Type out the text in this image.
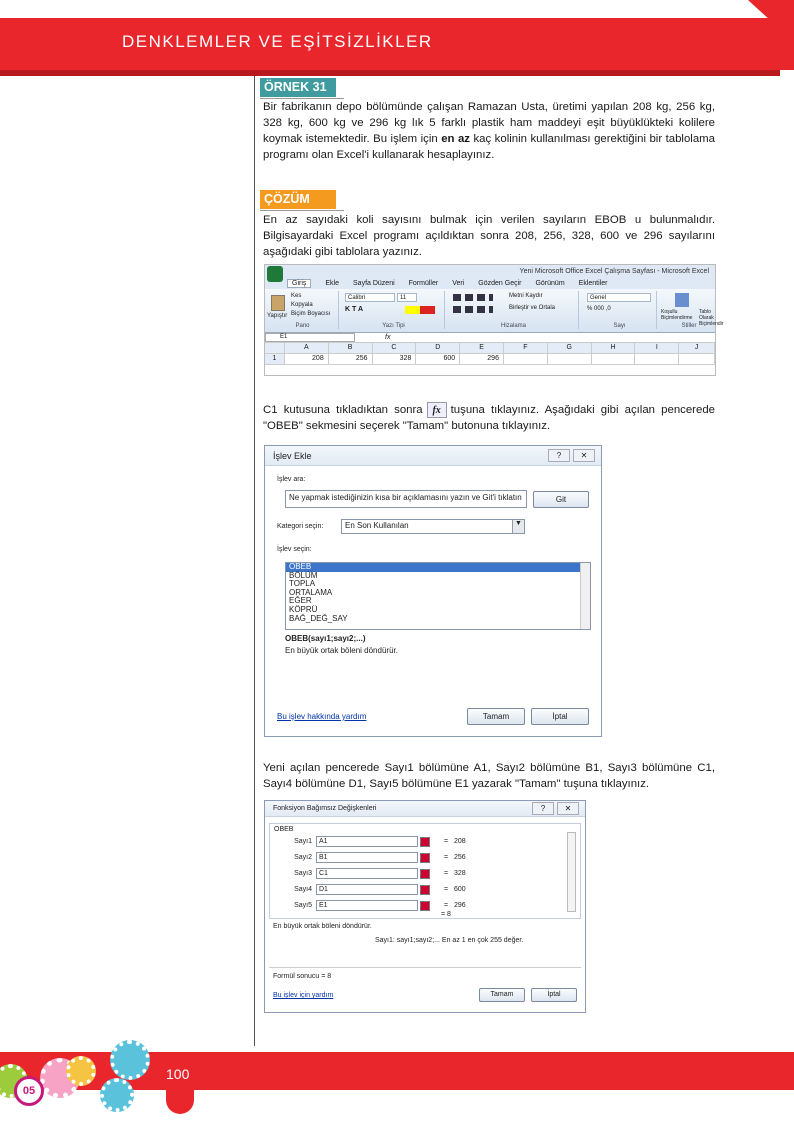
DENKLEMLER VE EŞİTSİZLİKLER
ÖRNEK 31
Bir fabrikanın depo bölümünde çalışan Ramazan Usta, üretimi yapılan 208 kg, 256 kg, 328 kg, 600 kg ve 296 kg lık 5 farklı plastik ham maddeyi eşit büyüklükteki kolilere koymak istemektedir. Bu işlem için en az kaç kolinin kullanılması gerektiğini bir tablolama programı olan Excel'i kullanarak hesaplayınız.
ÇÖZÜM
En az sayıdaki koli sayısını bulmak için verilen sayıların EBOB u bulunmalıdır. Bilgisayardaki Excel programı açıldıktan sonra 208, 256, 328, 600 ve 296 sayılarını aşağıdaki gibi tablolara yazınız.
Yeni Microsoft Office Excel Çalışma Sayfası - Microsoft Excel
Giriş	Ekle Sayfa Düzeni Formüller Veri Gözden Geçir Görünüm Eklentiler
Yapıştır
Kes
Kopyala
Biçim Boyacısı
Pano
Calibri	11
K T A
Yazı Tipi
Metni Kaydır
Birleştir ve Ortala
Hizalama
Genel
% 000 ,0
Sayı
Koşullu Biçimlendirme
Tablo Olarak Biçimlendir
Stiller
E1	fx
A	B	C	D	E	F	G	H	I	J
1	208	256	328	600	296
C1 kutusuna tıkladıktan sonra fx tuşuna tıklayınız. Aşağıdaki gibi açılan pencerede "OBEB" sekmesini seçerek "Tamam" butonuna tıklayınız.
İşlev Ekle	?	✕
İşlev ara:
Ne yapmak istediğinizin kısa bir açıklamasını yazın ve Git'i tıklatın	Git
Kategori seçin:	En Son Kullanılan	▼
İşlev seçin:
OBEB
BÖLÜM
TOPLA
ORTALAMA
EĞER
KÖPRÜ
BAĞ_DEĞ_SAY
OBEB(sayı1;sayı2;...)
En büyük ortak böleni döndürür.
Bu işlev hakkında yardım	Tamam	İptal
Yeni açılan pencerede Sayı1 bölümüne A1, Sayı2 bölümüne B1, Sayı3 bölümüne C1, Sayı4 bölümüne D1, Sayı5 bölümüne E1 yazarak "Tamam" tuşuna tıklayınız.
Fonksiyon Bağımsız Değişkenleri	?	✕
OBEB
Sayı1	A1	= 208
Sayı2	B1	= 256
Sayı3	C1	= 328
Sayı4	D1	= 600
Sayı5	E1	= 296
= 8
En büyük ortak böleni döndürür.
Sayı1: sayı1;sayı2;... En az 1 en çok 255 değer.
Formül sonucu = 8
Bu işlev için yardım	Tamam	İptal
100
05
